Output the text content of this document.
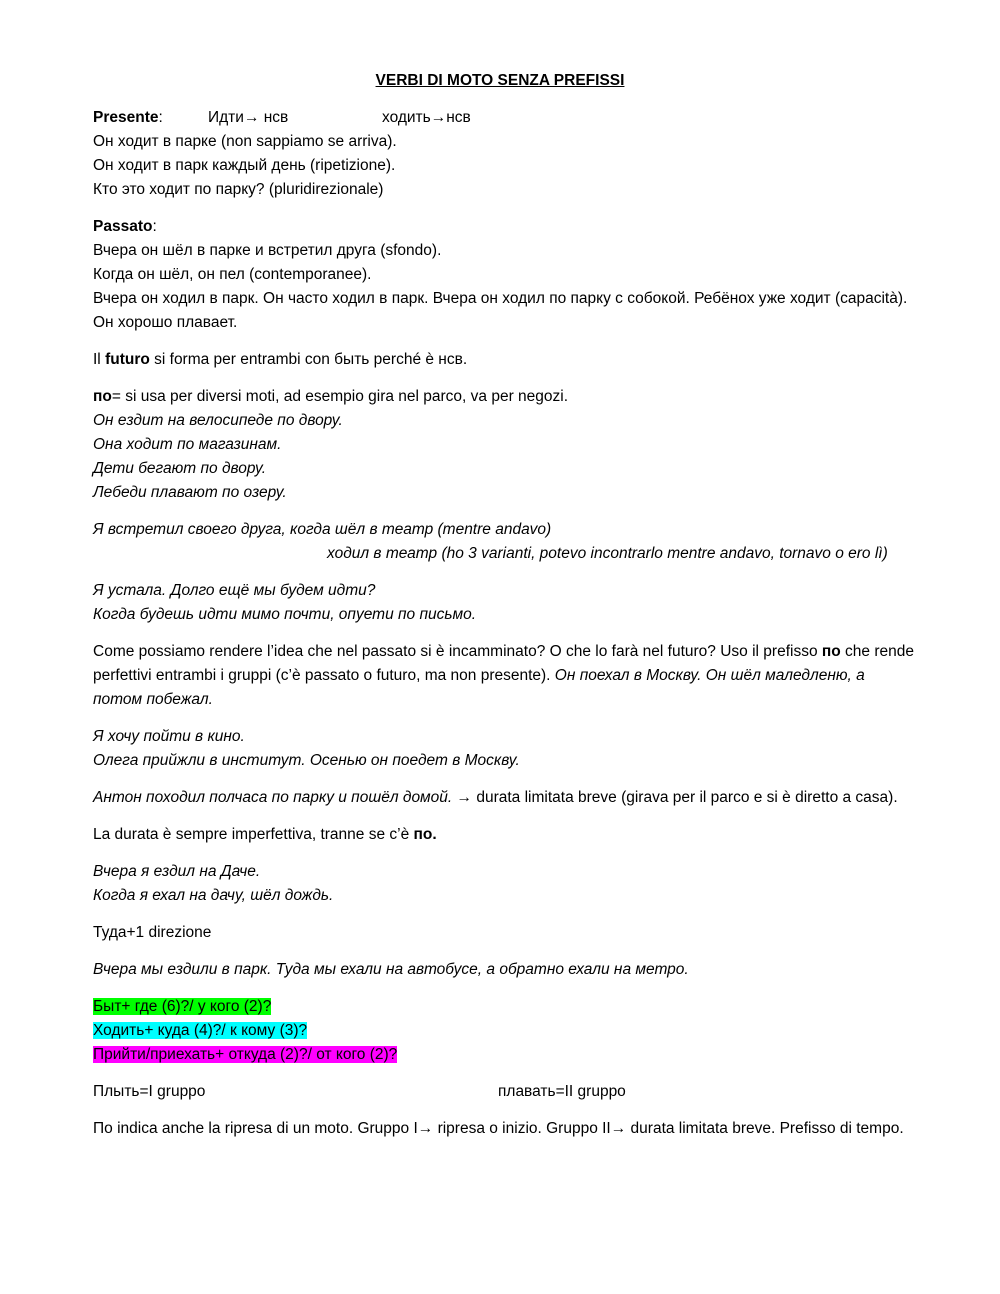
VERBI DI MOTO SENZA PREFISSI
Presente:	Идти→ нсв	ходить→нсв
Он ходит в парке (non sappiamo se arriva).
Он ходит в парк каждый день (ripetizione).
Кто это ходит по парку? (pluridirezionale)
Passato:
Вчера он шёл в парке и встретил друга (sfondo).
Когда он шёл, он пел (contemporanee).
Вчера он ходил в парк. Он часто ходил в парк. Вчера он ходил по парку с собокой. Ребёнох уже ходит (capacità). Он хорошо плавает.
Il futuro si forma per entrambi con быть perché è нсв.
по= si usa per diversi moti, ad esempio gira nel parco, va per negozi.
Он ездит на велосипеде по двору.
Она ходит по магазинам.
Дети бегают по двору.
Лебеди плавают по озеру.
Я встретил своего друга, когда шёл в театр (mentre andavo)
ходил в театр (ho 3 varianti, potevo incontrarlo mentre andavo, tornavo o ero lì)
Я устала. Долго ещё мы будем идти?
Когда будешь идти мимо почти, опуети по письмо.
Come possiamo rendere l’idea che nel passato si è incamminato? O che lo farà nel futuro? Uso il prefisso по che rende perfettivi entrambi i gruppi (c’è passato o futuro, ma non presente). Он поехал в Москву. Он шёл маледленю, а потом побежал.
Я хочу пойти в кино.
Олега прийжли в институт. Осенью он поедет в Москву.
Антон походил полчаса по парку и пошёл домой. → durata limitata breve (girava per il parco e si è diretto a casa).
La durata è sempre imperfettiva, tranne se c’è по.
Вчера я ездил на Даче.
Когда я ехал на дачу, шёл дождь.
Туда+1 direzione
Вчера мы ездили в парк. Туда мы ехали на автобусе, а обратно ехали на метро.
Быт+ где (6)?/ у кого (2)?
Ходить+ куда (4)?/ к кому (3)?
Прийти/приехать+ откуда (2)?/ от кого (2)?
Плыть=I gruppo	плавать=II gruppo
По indica anche la ripresa di un moto. Gruppo I→ ripresa o inizio. Gruppo II→ durata limitata breve. Prefisso di tempo.
